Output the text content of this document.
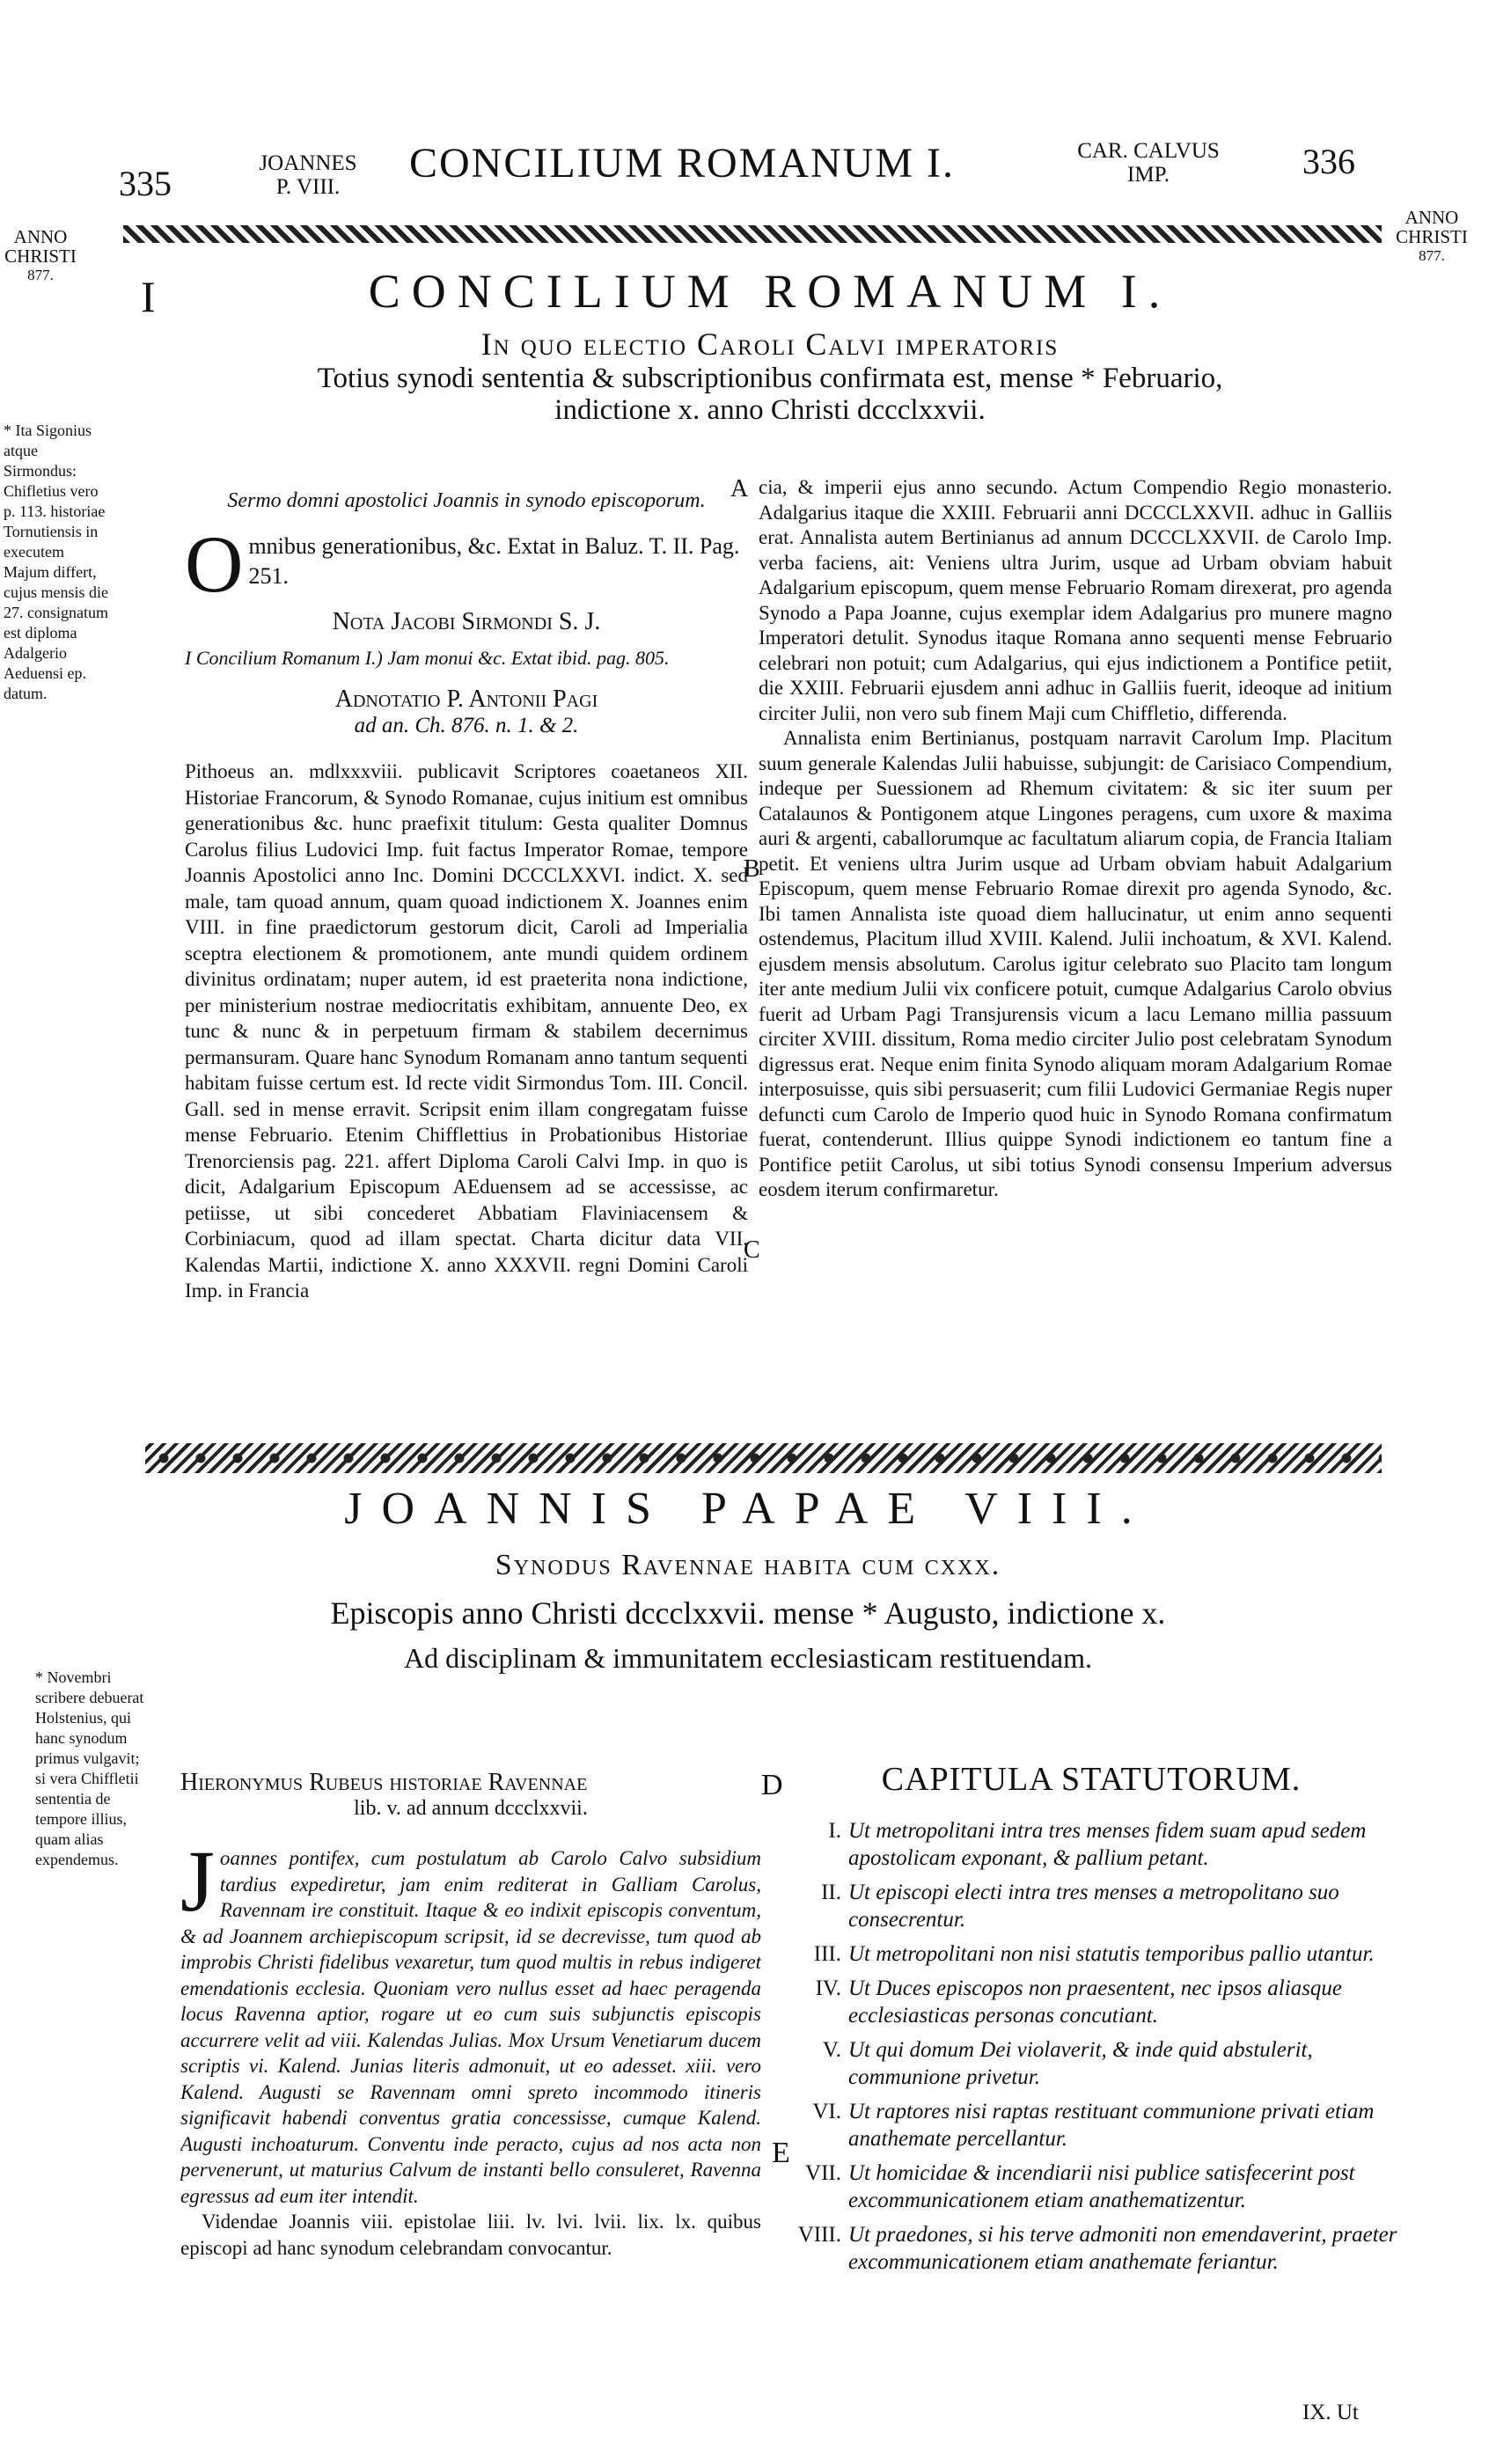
335
JOANNES
P. VIII.
CONCILIUM ROMANUM I.	CAR. CALVUS
IMP.	336
ANNO
CHRISTI
877.
ANNO
CHRISTI
877.
I	CONCILIUM ROMANUM I.
In quo electio Caroli Calvi imperatoris
Totius synodi sententia & subscriptionibus confirmata est, mense * Februario,
indictione x. anno Christi dccclxxvii.
* Ita Sigonius atque Sirmondus: Chifletius vero p. 113. historiae Tornutiensis in executem Majum differt, cujus mensis die 27. consignatum est diploma Adalgerio Aeduensi ep. datum.

Sermo domni apostolici Joannis in synodo episcoporum.

Omnibus generationibus, &c. Extat in Baluz. T. II. Pag. 251.

Nota Jacobi Sirmondi S. J.

I Concilium Romanum I.) Jam monui &c. Extat ibid. pag. 805.

Adnotatio P. Antonii Pagi

ad an. Ch. 876. n. 1. & 2.

Pithoeus an. mdlxxxviii. publicavit Scriptores coaetaneos XII. Historiae Francorum, & Synodo Romanae, cujus initium est omnibus generationibus &c. hunc praefixit titulum: Gesta qualiter Domnus Carolus filius Ludovici Imp. fuit factus Imperator Romae, tempore Joannis Apostolici anno Inc. Domini DCCCLXXVI. indict. X. sed male, tam quoad annum, quam quoad indictionem X. Joannes enim VIII. in fine praedictorum gestorum dicit, Caroli ad Imperialia sceptra electionem & promotionem, ante mundi quidem ordinem divinitus ordinatam; nuper autem, id est praeterita nona indictione, per ministerium nostrae mediocritatis exhibitam, annuente Deo, ex tunc & nunc & in perpetuum firmam & stabilem decernimus permansuram. Quare hanc Synodum Romanam anno tantum sequenti habitam fuisse certum est. Id recte vidit Sirmondus Tom. III. Concil. Gall. sed in mense erravit. Scripsit enim illam congregatam fuisse mense Februario. Etenim Chifflettius in Probationibus Historiae Trenorciensis pag. 221. affert Diploma Caroli Calvi Imp. in quo is dicit, Adalgarium Episcopum AEduensem ad se accessisse, ac petiisse, ut sibi concederet Abbatiam Flaviniacensem & Corbiniacum, quod ad illam spectat. Charta dicitur data VII. Kalendas Martii, indictione X. anno XXXVII. regni Domini Caroli Imp. in Francia

A
B
C

cia, & imperii ejus anno secundo. Actum Compendio Regio monasterio. Adalgarius itaque die XXIII. Februarii anni DCCCLXXVII. adhuc in Galliis erat. Annalista autem Bertinianus ad annum DCCCLXXVII. de Carolo Imp. verba faciens, ait: Veniens ultra Jurim, usque ad Urbam obviam habuit Adalgarium episcopum, quem mense Februario Romam direxerat, pro agenda Synodo a Papa Joanne, cujus exemplar idem Adalgarius pro munere magno Imperatori detulit. Synodus itaque Romana anno sequenti mense Februario celebrari non potuit; cum Adalgarius, qui ejus indictionem a Pontifice petiit, die XXIII. Februarii ejusdem anni adhuc in Galliis fuerit, ideoque ad initium circiter Julii, non vero sub finem Maji cum Chiffletio, differenda.

Annalista enim Bertinianus, postquam narravit Carolum Imp. Placitum suum generale Kalendas Julii habuisse, subjungit: de Carisiaco Compendium, indeque per Suessionem ad Rhemum civitatem: & sic iter suum per Catalaunos & Pontigonem atque Lingones peragens, cum uxore & maxima auri & argenti, caballorumque ac facultatum aliarum copia, de Francia Italiam petit. Et veniens ultra Jurim usque ad Urbam obviam habuit Adalgarium Episcopum, quem mense Februario Romae direxit pro agenda Synodo, &c. Ibi tamen Annalista iste quoad diem hallucinatur, ut enim anno sequenti ostendemus, Placitum illud XVIII. Kalend. Julii inchoatum, & XVI. Kalend. ejusdem mensis absolutum. Carolus igitur celebrato suo Placito tam longum iter ante medium Julii vix conficere potuit, cumque Adalgarius Carolo obvius fuerit ad Urbam Pagi Transjurensis vicum a lacu Lemano millia passuum circiter XVIII. dissitum, Roma medio circiter Julio post celebratam Synodum digressus erat. Neque enim finita Synodo aliquam moram Adalgarium Romae interposuisse, quis sibi persuaserit; cum filii Ludovici Germaniae Regis nuper defuncti cum Carolo de Imperio quod huic in Synodo Romana confirmatum fuerat, contenderunt. Illius quippe Synodi indictionem eo tantum fine a Pontifice petiit Carolus, ut sibi totius Synodi consensu Imperium adversus eosdem iterum confirmaretur.

JOANNIS PAPAE VIII.
Synodus Ravennae habita cum cxxx.
Episcopis anno Christi dccclxxvii. mense * Augusto, indictione x.
Ad disciplinam & immunitatem ecclesiasticam restituendam.
* Novembri scribere debuerat Holstenius, qui hanc synodum primus vulgavit; si vera Chiffletii sententia de tempore illius, quam alias expendemus.

Hieronymus Rubeus historiae Ravennae

lib. v. ad annum dccclxxvii.

Joannes pontifex, cum postulatum ab Carolo Calvo subsidium tardius expediretur, jam enim rediterat in Galliam Carolus, Ravennam ire constituit. Itaque & eo indixit episcopis conventum, & ad Joannem archiepiscopum scripsit, id se decrevisse, tum quod ab improbis Christi fidelibus vexaretur, tum quod multis in rebus indigeret emendationis ecclesia. Quoniam vero nullus esset ad haec peragenda locus Ravenna aptior, rogare ut eo cum suis subjunctis episcopis accurrere velit ad viii. Kalendas Julias. Mox Ursum Venetiarum ducem scriptis vi. Kalend. Junias literis admonuit, ut eo adesset. xiii. vero Kalend. Augusti se Ravennam omni spreto incommodo itineris significavit habendi conventus gratia concessisse, cumque Kalend. Augusti inchoaturum. Conventu inde peracto, cujus ad nos acta non pervenerunt, ut maturius Calvum de instanti bello consuleret, Ravenna egressus ad eum iter intendit.

Videndae Joannis viii. epistolae liii. lv. lvi. lvii. lix. lx. quibus episcopi ad hanc synodum celebrandam convocantur.

D	CAPITULA STATUTORUM.
E
I. Ut metropolitani intra tres menses fidem suam apud sedem apostolicam exponant, & pallium petant.
II. Ut episcopi electi intra tres menses a metropolitano suo consecrentur.
III. Ut metropolitani non nisi statutis temporibus pallio utantur.
IV. Ut Duces episcopos non praesentent, nec ipsos aliasque ecclesiasticas personas concutiant.
V. Ut qui domum Dei violaverit, & inde quid abstulerit, communione privetur.
VI. Ut raptores nisi raptas restituant communione privati etiam anathemate percellantur.
VII. Ut homicidae & incendiarii nisi publice satisfecerint post excommunicationem etiam anathematizentur.
VIII. Ut praedones, si his terve admoniti non emendaverint, praeter excommunicationem etiam anathemate feriantur.
IX. Ut
